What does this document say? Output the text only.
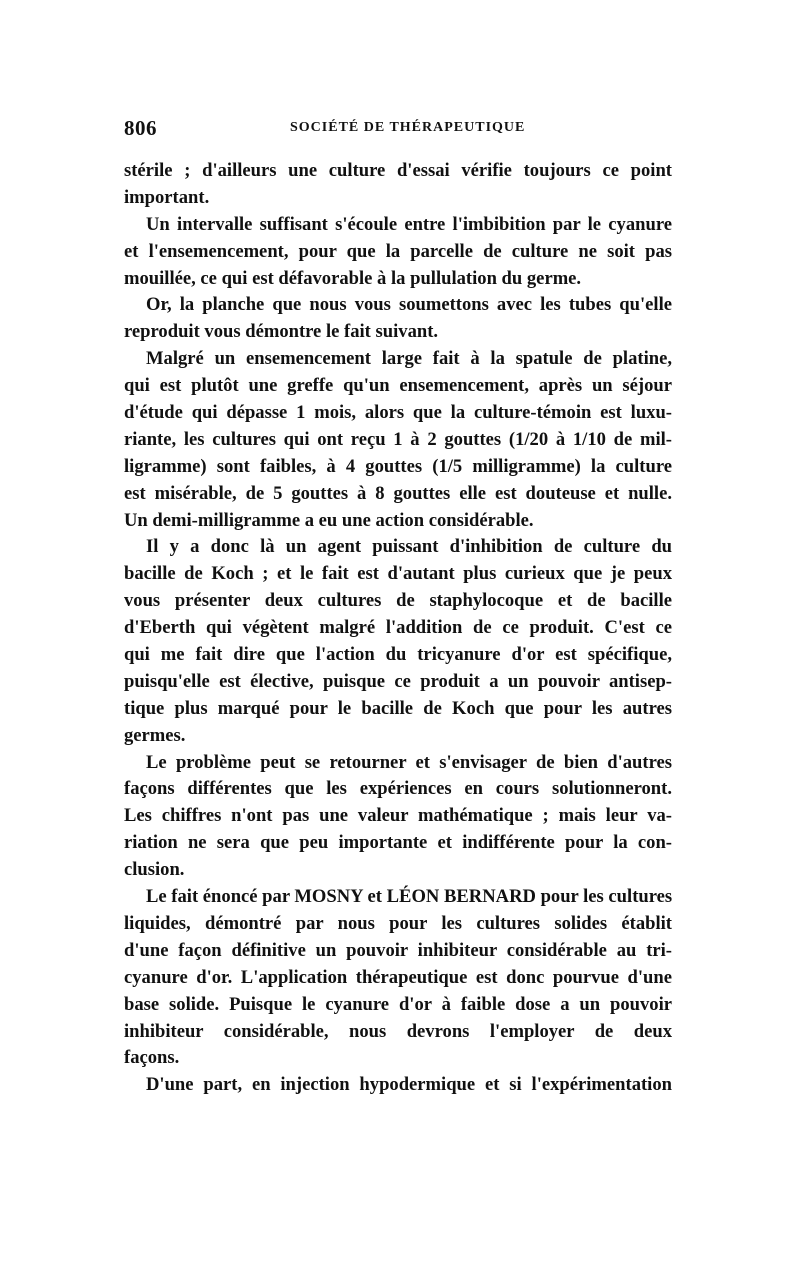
806	SOCIÉTÉ DE THÉRAPEUTIQUE
stérile ; d'ailleurs une culture d'essai vérifie toujours ce point
important.
Un intervalle suffisant s'écoule entre l'imbibition par le cyanure
et l'ensemencement, pour que la parcelle de culture ne soit pas
mouillée, ce qui est défavorable à la pullulation du germe.
Or, la planche que nous vous soumettons avec les tubes qu'elle
reproduit vous démontre le fait suivant.
Malgré un ensemencement large fait à la spatule de platine,
qui est plutôt une greffe qu'un ensemencement, après un séjour
d'étude qui dépasse 1 mois, alors que la culture-témoin est luxu-
riante, les cultures qui ont reçu 1 à 2 gouttes (1/20 à 1/10 de mil-
ligramme) sont faibles, à 4 gouttes (1/5 milligramme) la culture
est misérable, de 5 gouttes à 8 gouttes elle est douteuse et nulle.
Un demi-milligramme a eu une action considérable.
Il y a donc là un agent puissant d'inhibition de culture du
bacille de Koch ; et le fait est d'autant plus curieux que je peux
vous présenter deux cultures de staphylocoque et de bacille
d'Eberth qui végètent malgré l'addition de ce produit. C'est ce
qui me fait dire que l'action du tricyanure d'or est spécifique,
puisqu'elle est élective, puisque ce produit a un pouvoir antisep-
tique plus marqué pour le bacille de Koch que pour les autres
germes.
Le problème peut se retourner et s'envisager de bien d'autres
façons différentes que les expériences en cours solutionneront.
Les chiffres n'ont pas une valeur mathématique ; mais leur va-
riation ne sera que peu importante et indifférente pour la con-
clusion.
Le fait énoncé par MOSNY et LÉON BERNARD pour les cultures
liquides, démontré par nous pour les cultures solides établit
d'une façon définitive un pouvoir inhibiteur considérable au tri-
cyanure d'or. L'application thérapeutique est donc pourvue d'une
base solide. Puisque le cyanure d'or à faible dose a un pouvoir
inhibiteur considérable, nous devrons l'employer de deux
façons.
D'une part, en injection hypodermique et si l'expérimentation
